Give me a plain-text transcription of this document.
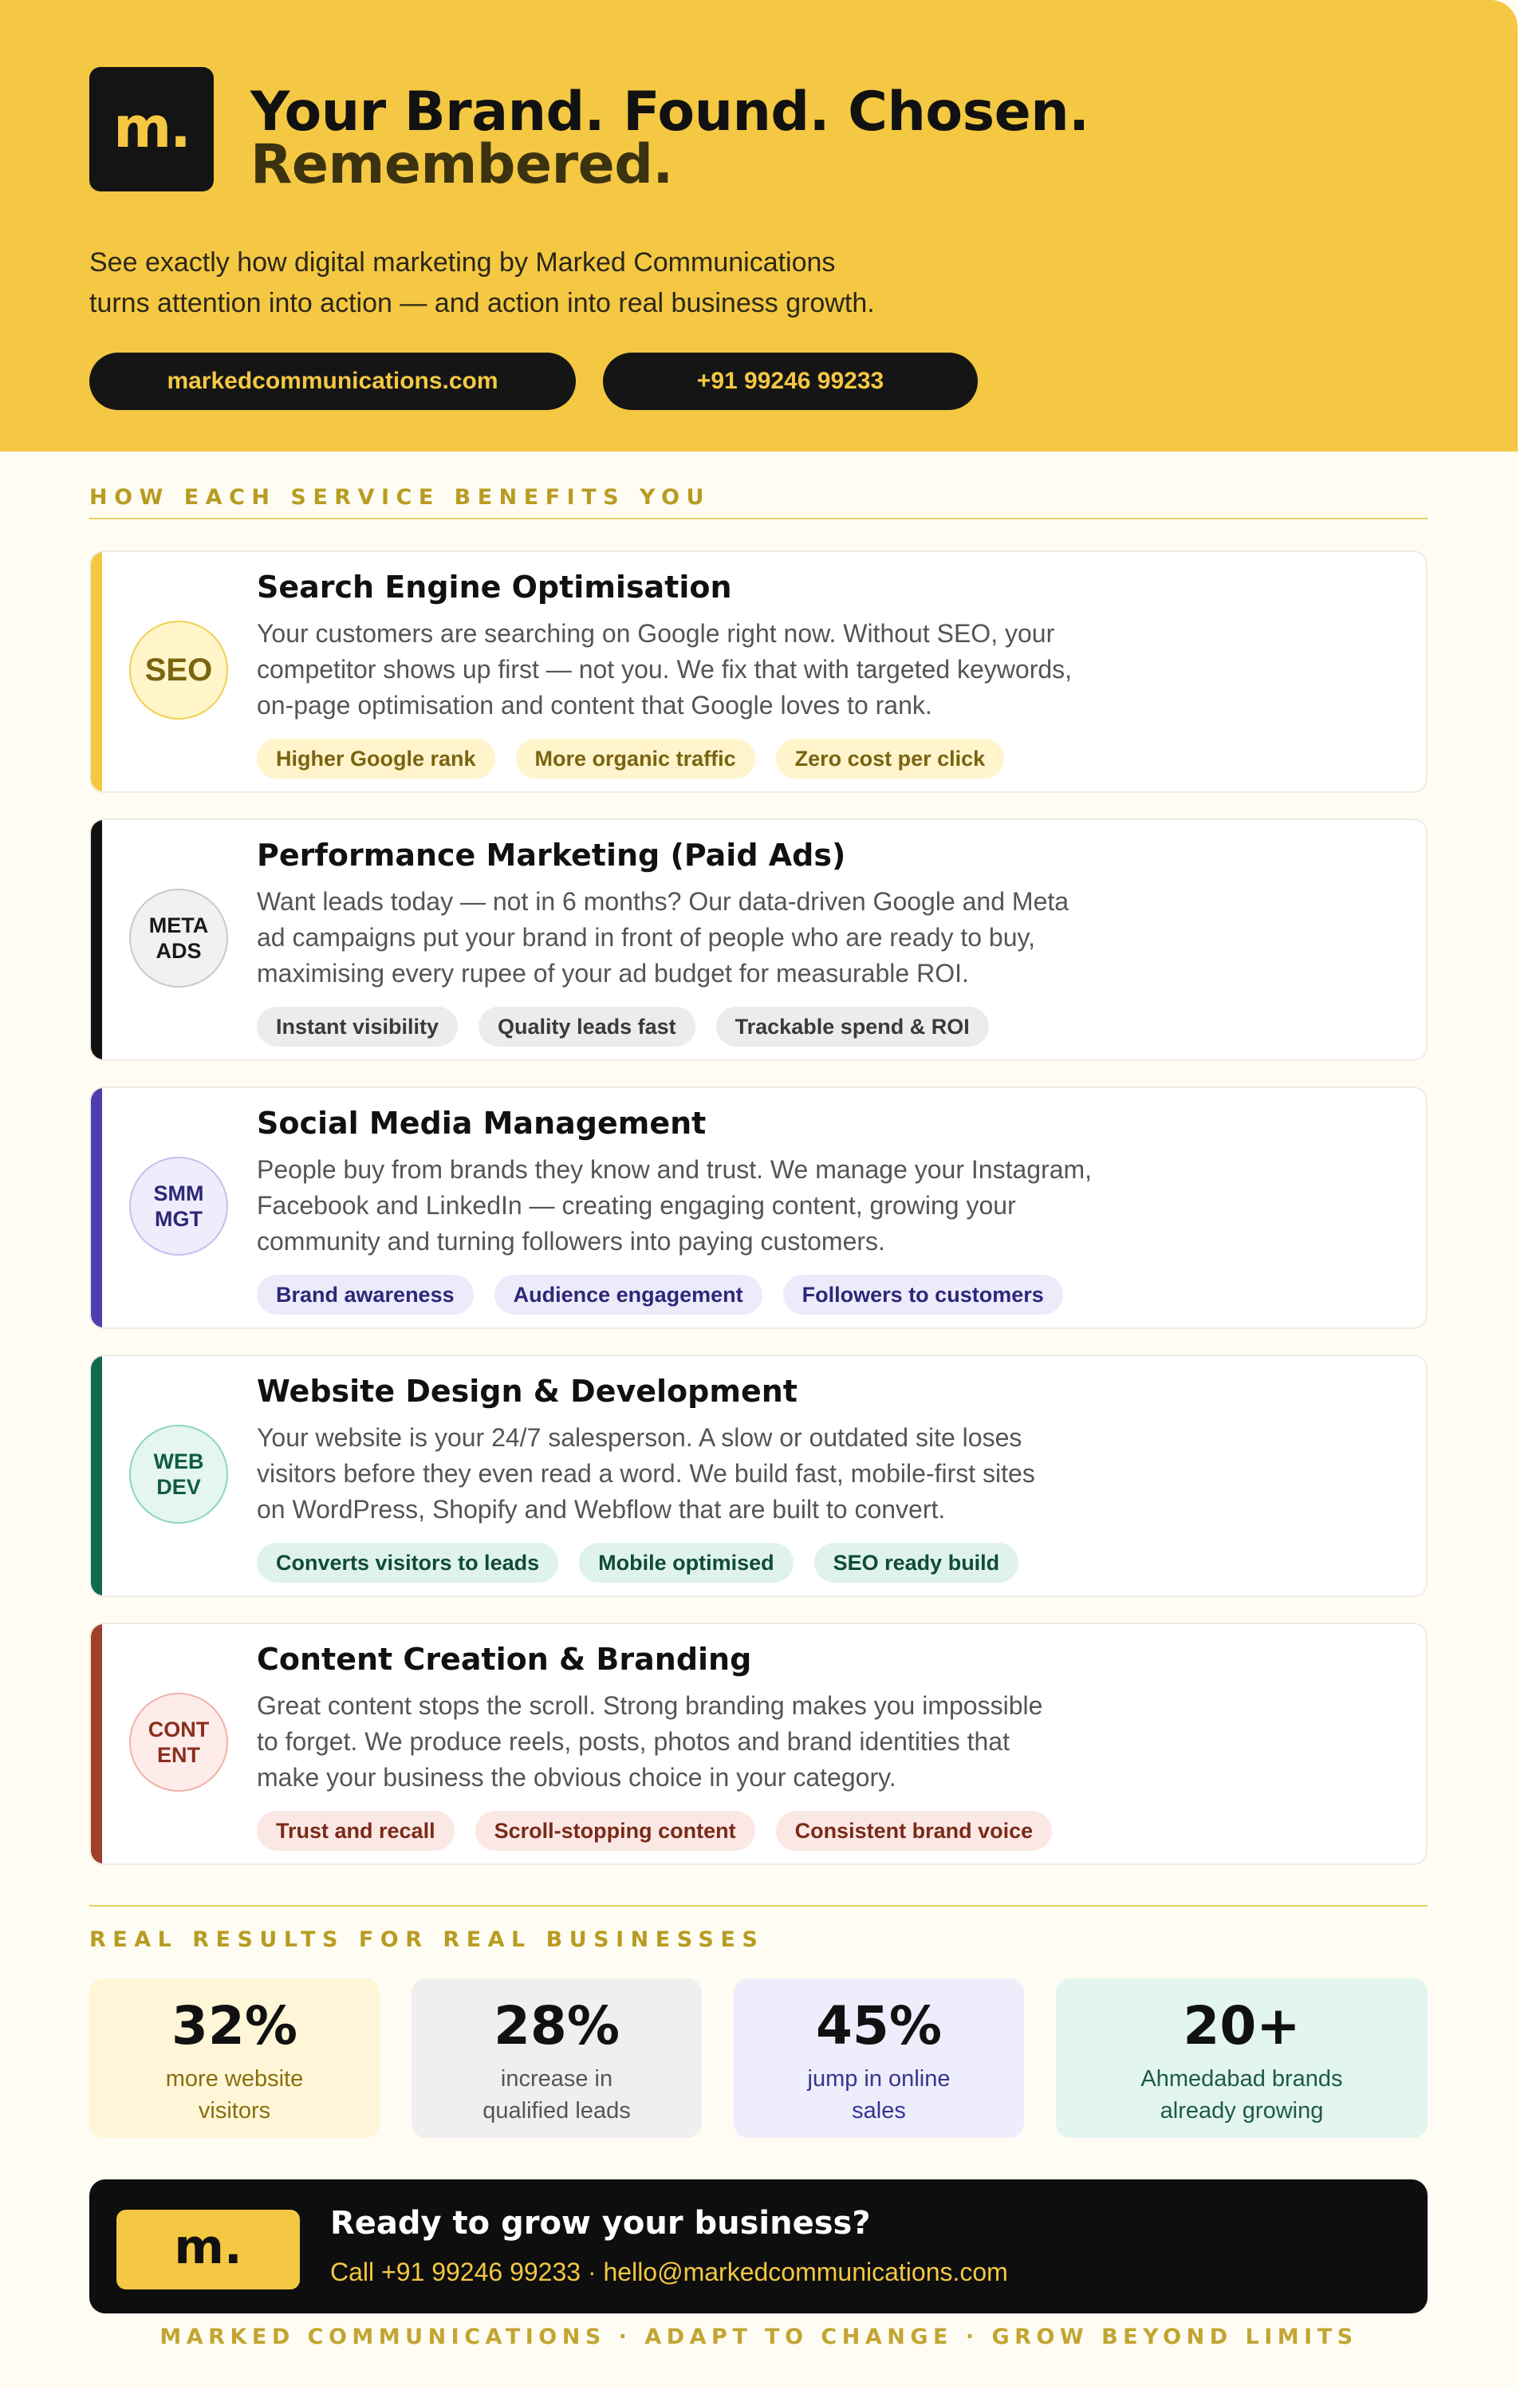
m. Your Brand. Found. Chosen.
Remembered.

See exactly how digital marketing by Marked Communications
turns attention into action — and action into real business growth.

markedcommunications.com	+91 99246 99233

HOW EACH SERVICE BENEFITS YOU

SEO
Search Engine Optimisation

Your customers are searching on Google right now. Without SEO, your
competitor shows up first — not you. We fix that with targeted keywords,
on-page optimisation and content that Google loves to rank.

Higher Google rank	More organic traffic	Zero cost per click
META
ADS
Performance Marketing (Paid Ads)

Want leads today — not in 6 months? Our data-driven Google and Meta
ad campaigns put your brand in front of people who are ready to buy,
maximising every rupee of your ad budget for measurable ROI.

Instant visibility	Quality leads fast	Trackable spend & ROI
SMM
MGT
Social Media Management

People buy from brands they know and trust. We manage your Instagram,
Facebook and LinkedIn — creating engaging content, growing your
community and turning followers into paying customers.

Brand awareness	Audience engagement	Followers to customers
WEB
DEV
Website Design & Development

Your website is your 24/7 salesperson. A slow or outdated site loses
visitors before they even read a word. We build fast, mobile-first sites
on WordPress, Shopify and Webflow that are built to convert.

Converts visitors to leads	Mobile optimised	SEO ready build
CONT
ENT
Content Creation & Branding

Great content stops the scroll. Strong branding makes you impossible
to forget. We produce reels, posts, photos and brand identities that
make your business the obvious choice in your category.

Trust and recall	Scroll-stopping content	Consistent brand voice

REAL RESULTS FOR REAL BUSINESSES

32%

more website
visitors

28%

increase in
qualified leads

45%

jump in online
sales

20+

Ahmedabad brands
already growing

m.	Ready to grow your business?

Call +91 99246 99233 · hello@markedcommunications.com

MARKED COMMUNICATIONS · ADAPT TO CHANGE · GROW BEYOND LIMITS
